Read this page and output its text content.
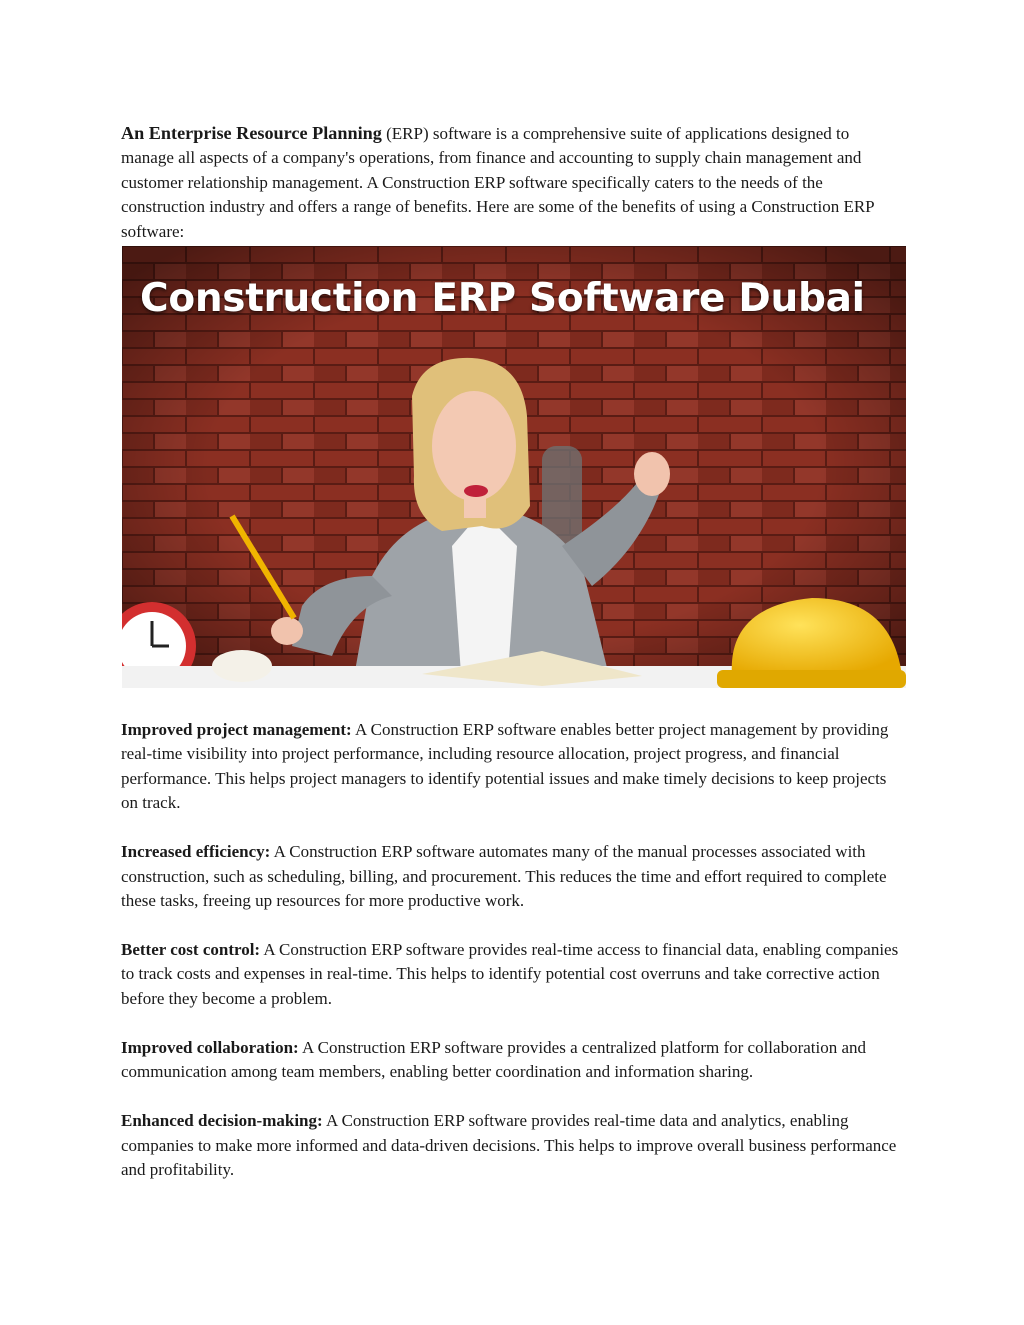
An Enterprise Resource Planning (ERP) software is a comprehensive suite of applications designed to manage all aspects of a company's operations, from finance and accounting to supply chain management and customer relationship management. A Construction ERP software specifically caters to the needs of the construction industry and offers a range of benefits. Here are some of the benefits of using a Construction ERP software:

Construction ERP Software Dubai

Improved project management: A Construction ERP software enables better project management by providing real-time visibility into project performance, including resource allocation, project progress, and financial performance. This helps project managers to identify potential issues and make timely decisions to keep projects on track.

Increased efficiency: A Construction ERP software automates many of the manual processes associated with construction, such as scheduling, billing, and procurement. This reduces the time and effort required to complete these tasks, freeing up resources for more productive work.

Better cost control: A Construction ERP software provides real-time access to financial data, enabling companies to track costs and expenses in real-time. This helps to identify potential cost overruns and take corrective action before they become a problem.

Improved collaboration: A Construction ERP software provides a centralized platform for collaboration and communication among team members, enabling better coordination and information sharing.

Enhanced decision-making: A Construction ERP software provides real-time data and analytics, enabling companies to make more informed and data-driven decisions. This helps to improve overall business performance and profitability.
